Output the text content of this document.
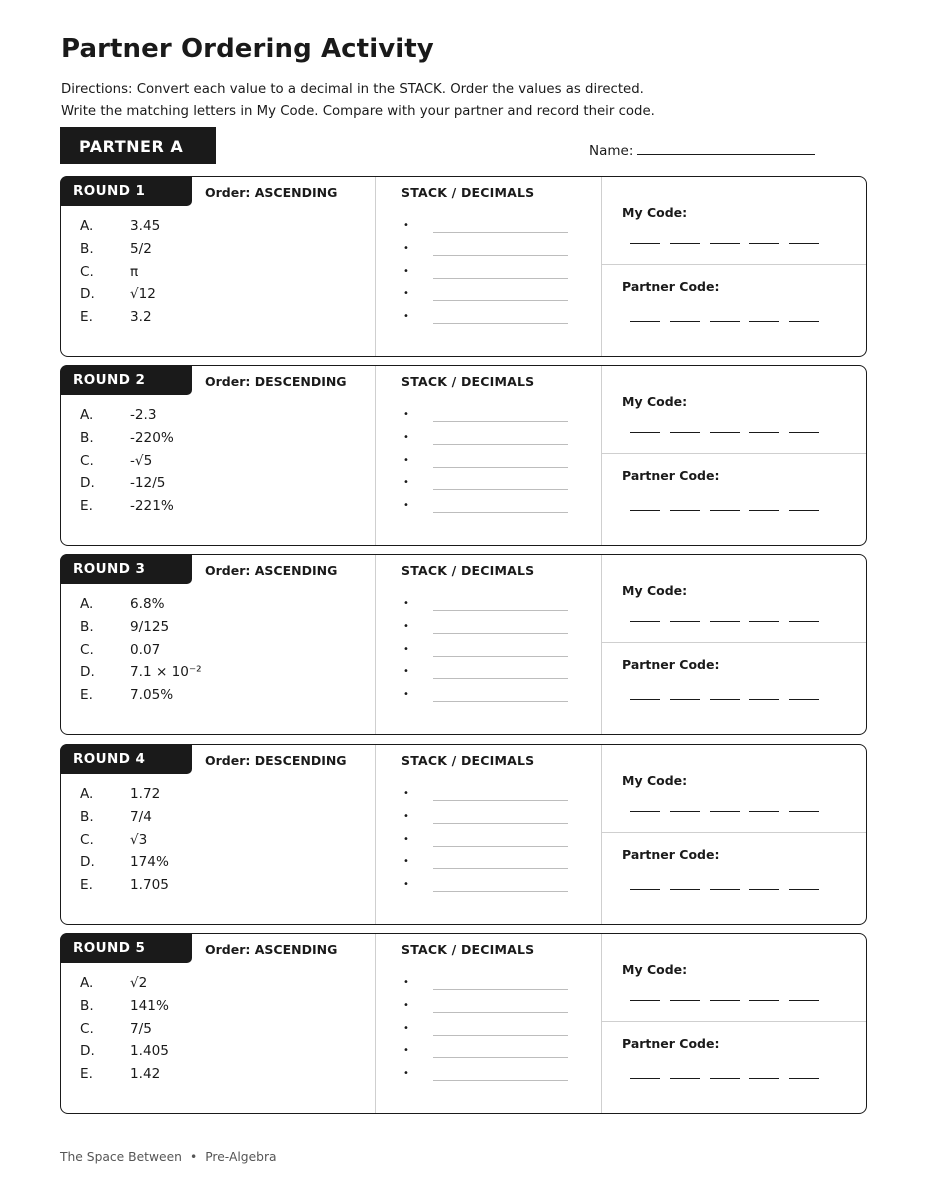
Partner Ordering Activity
Directions: Convert each value to a decimal in the STACK. Order the values as directed.
Write the matching letters in My Code. Compare with your partner and record their code.
PARTNER A	Name:
ROUND 1	Order: ASCENDING
A.	3.45
B.	5/2
C.	π
D.	√12
E.	3.2
STACK / DECIMALS
•
•
•
•
•
My Code:
Partner Code:
ROUND 2	Order: DESCENDING
A.	-2.3
B.	-220%
C.	-√5
D.	-12/5
E.	-221%
STACK / DECIMALS
•
•
•
•
•
My Code:
Partner Code:
ROUND 3	Order: ASCENDING
A.	6.8%
B.	9/125
C.	0.07
D.	7.1 × 10⁻²
E.	7.05%
STACK / DECIMALS
•
•
•
•
•
My Code:
Partner Code:
ROUND 4	Order: DESCENDING
A.	1.72
B.	7/4
C.	√3
D.	174%
E.	1.705
STACK / DECIMALS
•
•
•
•
•
My Code:
Partner Code:
ROUND 5	Order: ASCENDING
A.	√2
B.	141%
C.	7/5
D.	1.405
E.	1.42
STACK / DECIMALS
•
•
•
•
•
My Code:
Partner Code:
The Space Between • Pre-Algebra
